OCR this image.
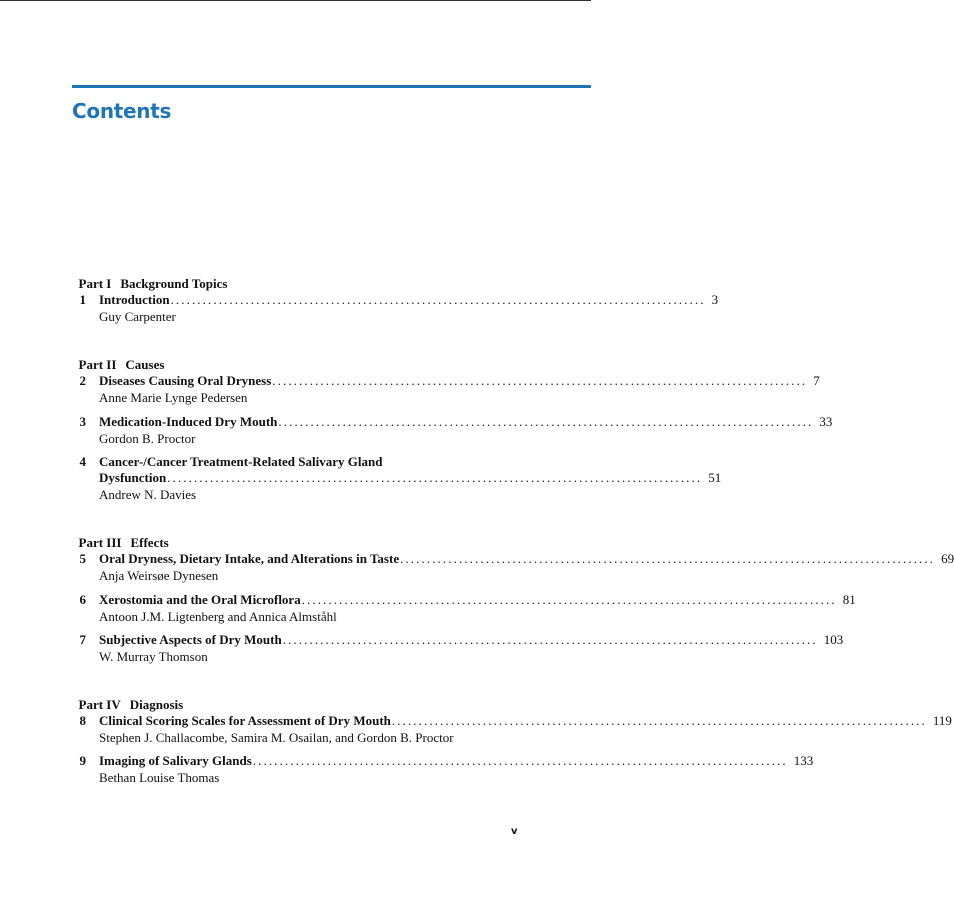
Contents

Part I Background Topics

1 Introduction .................................................................................................... 3
Guy Carpenter

Part II Causes

2 Diseases Causing Oral Dryness .................................................................................................... 7
Anne Marie Lynge Pedersen
3 Medication-Induced Dry Mouth .................................................................................................... 33
Gordon B. Proctor
4 Cancer-/Cancer Treatment-Related Salivary Gland
Dysfunction .................................................................................................... 51
Andrew N. Davies

Part III Effects

5 Oral Dryness, Dietary Intake, and Alterations in Taste .................................................................................................... 69
Anja Weirsøe Dynesen
6 Xerostomia and the Oral Microflora .................................................................................................... 81
Antoon J.M. Ligtenberg and Annica Almståhl
7 Subjective Aspects of Dry Mouth .................................................................................................... 103
W. Murray Thomson

Part IV Diagnosis

8 Clinical Scoring Scales for Assessment of Dry Mouth .................................................................................................... 119
Stephen J. Challacombe, Samira M. Osailan, and Gordon B. Proctor
9 Imaging of Salivary Glands .................................................................................................... 133
Bethan Louise Thomas
v
